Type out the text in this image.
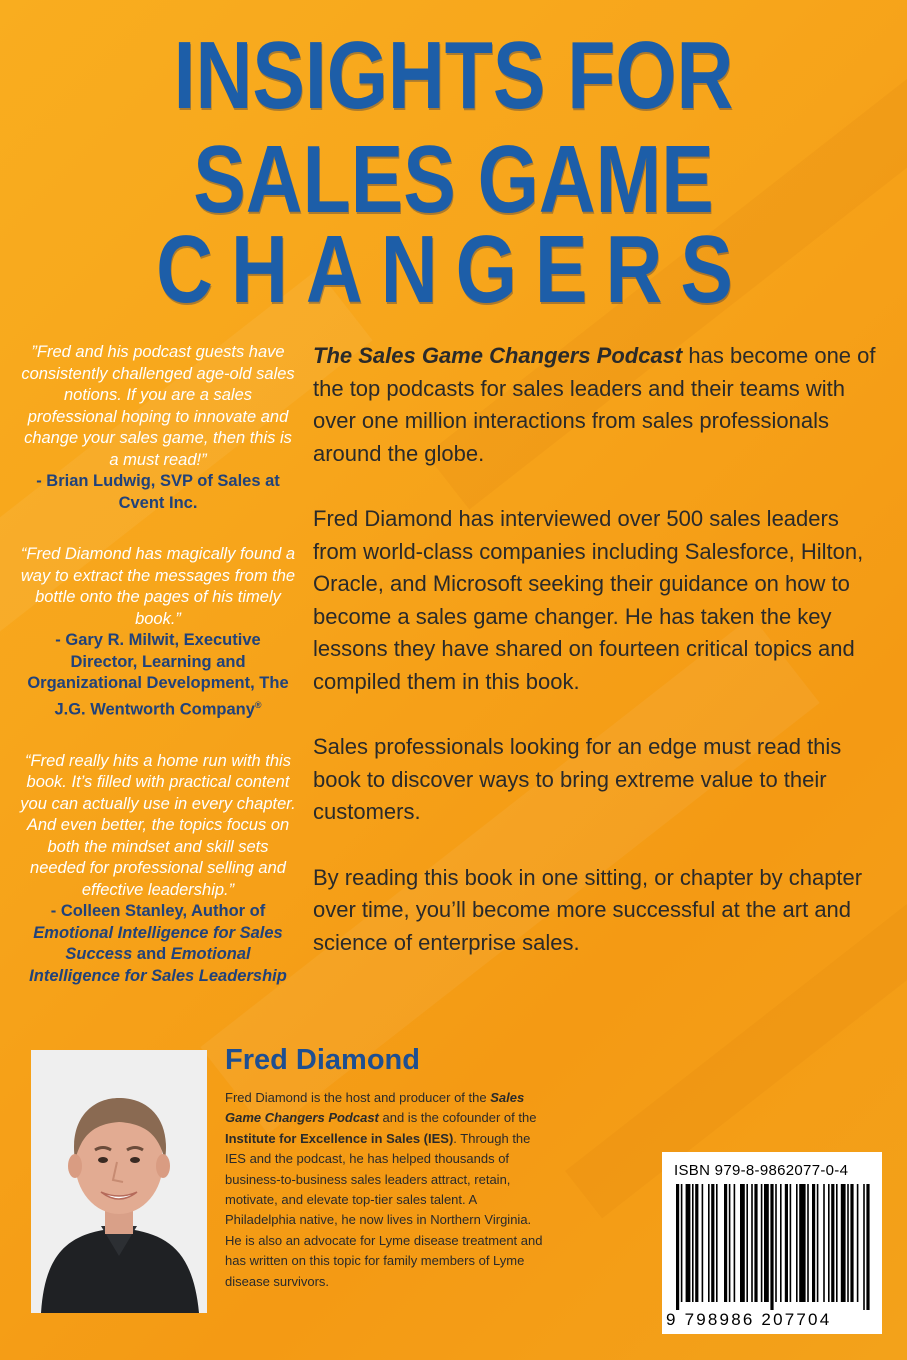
INSIGHTS FOR
SALES GAME
CHANGERS
”Fred and his podcast guests have consistently challenged age-old sales notions. If you are a sales professional hoping to innovate and change your sales game, then this is a must read!”
- Brian Ludwig, SVP of Sales at Cvent Inc.
“Fred Diamond has magically found a way to extract the messages from the bottle onto the pages of his timely book.”
- Gary R. Milwit, Executive Director, Learning and Organizational Development, The J.G. Wentworth Company®
“Fred really hits a home run with this book. It’s filled with practical content you can actually use in every chapter. And even better, the topics focus on both the mindset and skill sets needed for professional selling and effective leadership.”
- Colleen Stanley, Author of Emotional Intelligence for Sales Success and Emotional Intelligence for Sales Leadership

The Sales Game Changers Podcast has become one of the top podcasts for sales leaders and their teams with over one million interactions from sales professionals around the globe.

Fred Diamond has interviewed over 500 sales leaders from world-class companies including Salesforce, Hilton, Oracle, and Microsoft seeking their guidance on how to become a sales game changer. He has taken the key lessons they have shared on fourteen critical topics and compiled them in this book.

Sales professionals looking for an edge must read this book to discover ways to bring extreme value to their customers.

By reading this book in one sitting, or chapter by chapter over time, you’ll become more successful at the art and science of enterprise sales.

Fred Diamond

Fred Diamond is the host and producer of the Sales Game Changers Podcast and is the cofounder of the Institute for Excellence in Sales (IES). Through the IES and the podcast, he has helped thousands of business-to-business sales leaders attract, retain, motivate, and elevate top-tier sales talent. A Philadelphia native, he now lives in Northern Virginia. He is also an advocate for Lyme disease treatment and has written on this topic for family members of Lyme disease survivors.

ISBN 979-8-9862077-0-4
9 798986 207704
